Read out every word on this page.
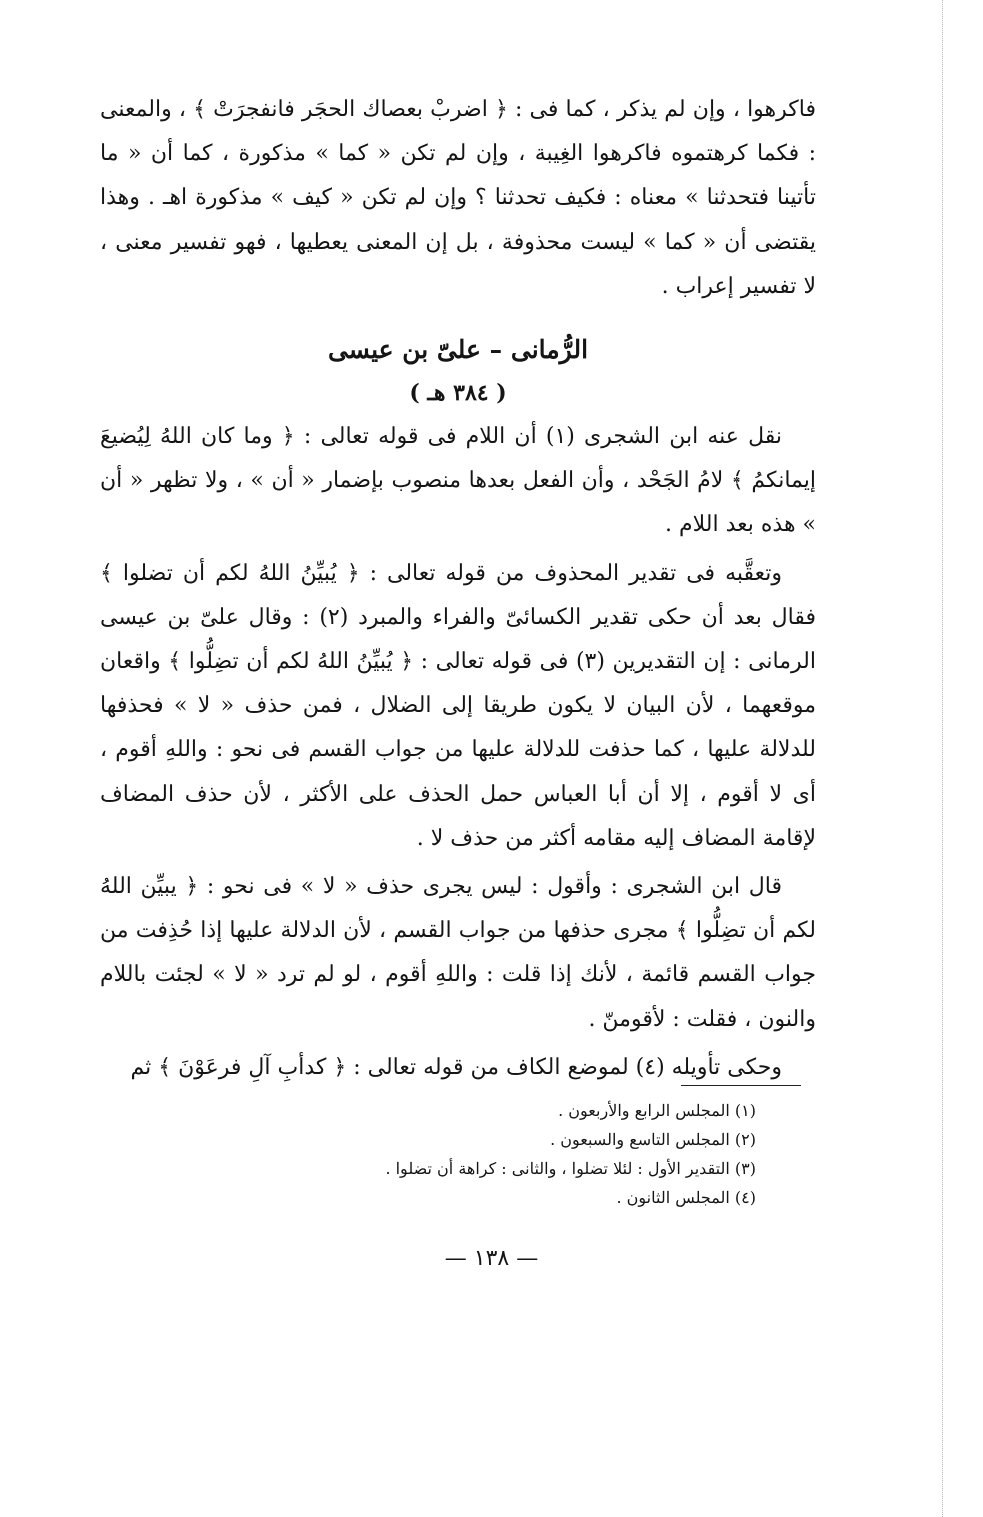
فاكرهوا ، وإن لم يذكر ، كما فى : ﴿ اضربْ بعصاك الحجَر فانفجرَتْ ﴾ ، والمعنى : فكما كرهتموه فاكرهوا الغِيبة ، وإن لم تكن « كما » مذكورة ، كما أن « ما تأتينا فتحدثنا » معناه : فكيف تحدثنا ؟ وإن لم تكن « كيف » مذكورة اهـ . وهذا يقتضى أن « كما » ليست محذوفة ، بل إن المعنى يعطيها ، فهو تفسير معنى ، لا تفسير إعراب .

الرُّمانى – علىّ بن عيسى
( ٣٨٤ هـ )

نقل عنه ابن الشجرى (١) أن اللام فى قوله تعالى : ﴿ وما كان اللهُ لِيُضيعَ إيمانكمُ ﴾ لامُ الجَحْد ، وأن الفعل بعدها منصوب بإضمار « أن » ، ولا تظهر « أن » هذه بعد اللام .

وتعقَّبه فى تقدير المحذوف من قوله تعالى : ﴿ يُبيِّنُ اللهُ لكم أن تضلوا ﴾ فقال بعد أن حكى تقدير الكسائىّ والفراء والمبرد (٢) : وقال علىّ بن عيسى الرمانى : إن التقديرين (٣) فى قوله تعالى : ﴿ يُبيِّنُ اللهُ لكم أن تضِلُّوا ﴾ واقعان موقعهما ، لأن البيان لا يكون طريقا إلى الضلال ، فمن حذف « لا » فحذفها للدلالة عليها ، كما حذفت للدلالة عليها من جواب القسم فى نحو : واللهِ أقوم ، أى لا أقوم ، إلا أن أبا العباس حمل الحذف على الأكثر ، لأن حذف المضاف لإقامة المضاف إليه مقامه أكثر من حذف لا .

قال ابن الشجرى : وأقول : ليس يجرى حذف « لا » فى نحو : ﴿ يبيِّن اللهُ لكم أن تضِلُّوا ﴾ مجرى حذفها من جواب القسم ، لأن الدلالة عليها إذا حُذِفت من جواب القسم قائمة ، لأنك إذا قلت : واللهِ أقوم ، لو لم ترد « لا » لجئت باللام والنون ، فقلت : لأقومنّ .

وحكى تأويله (٤) لموضع الكاف من قوله تعالى : ﴿ كدأبِ آلِ فرعَوْنَ ﴾ ثم

(١) المجلس الرابع والأربعون .

(٢) المجلس التاسع والسبعون .

(٣) التقدير الأول : لئلا تضلوا ، والثانى : كراهة أن تضلوا .

(٤) المجلس الثانون .

— ١٣٨ —
